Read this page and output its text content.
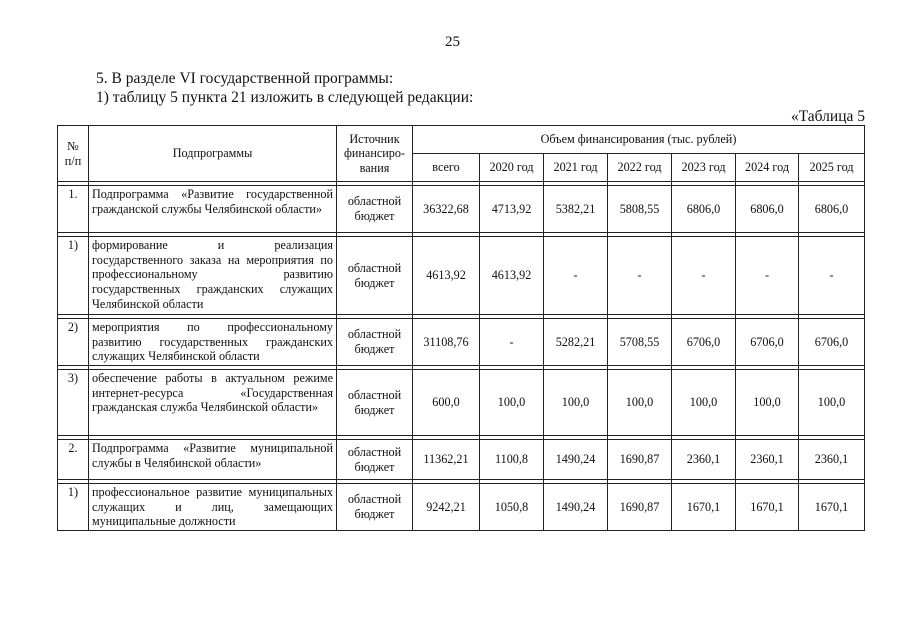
25
5. В разделе VI государственной программы:
1) таблицу 5 пункта 21 изложить в следующей редакции:
«Таблица 5
№ п/п	Подпрограммы	Источник финансиро-вания	Объем финансирования (тыс. рублей)						
			всего	2020 год	2021 год	2022 год	2023 год	2024 год	2025 год

1.	Подпрограмма «Развитие государственной гражданской службы Челябинской области»	областной бюджет	36322,68	4713,92	5382,21	5808,55	6806,0	6806,0	6806,0

1)	формирование и реализация государственного заказа на мероприятия по профессиональному развитию государственных гражданских служащих Челябинской области	областной бюджет	4613,92	4613,92	-	-	-	-	-

2)	мероприятия по профессиональному развитию государственных гражданских служащих Челябинской области	областной бюджет	31108,76	-	5282,21	5708,55	6706,0	6706,0	6706,0

3)	обеспечение работы в актуальном режиме интернет-ресурса «Государственная гражданская служба Челябинской области»	областной бюджет	600,0	100,0	100,0	100,0	100,0	100,0	100,0

2.	Подпрограмма «Развитие муниципальной службы в Челябинской области»	областной бюджет	11362,21	1100,8	1490,24	1690,87	2360,1	2360,1	2360,1

1)	профессиональное развитие муниципальных служащих и лиц, замещающих муниципальные должности	областной бюджет	9242,21	1050,8	1490,24	1690,87	1670,1	1670,1	1670,1
